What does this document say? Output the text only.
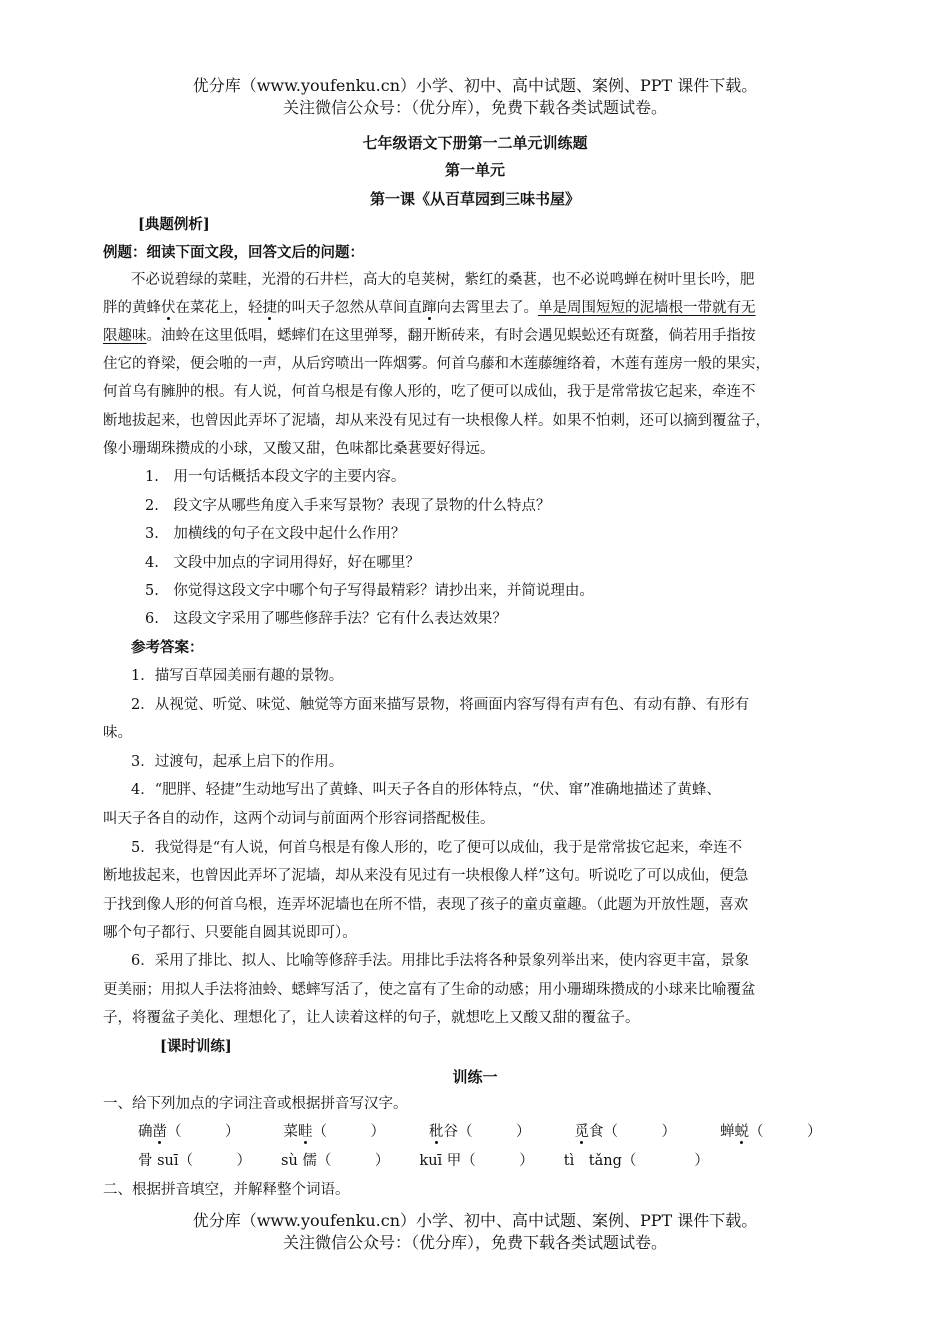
优分库（www.youfenku.cn）小学、初中、高中试题、案例、PPT 课件下载。
关注微信公众号：（优分库），免费下载各类试题试卷。
七年级语文下册第一二单元训练题
第一单元
第一课《从百草园到三味书屋》
[典题例析]
例题：细读下面文段，回答文后的问题：
不必说碧绿的菜畦，光滑的石井栏，高大的皂荚树，紫红的桑葚，也不必说鸣蝉在树叶里长吟，肥
胖的黄蜂伏在菜花上，轻捷的叫天子忽然从草间直蹿向去霄里去了。单是周围短短的泥墙根一带就有无
限趣味。油蛉在这里低唱，蟋蟀们在这里弹琴，翻开断砖来，有时会遇见蜈蚣还有斑蝥，倘若用手指按
住它的脊梁，便会啪的一声，从后窍喷出一阵烟雾。何首乌藤和木莲藤缠络着，木莲有莲房一般的果实，
何首乌有臃肿的根。有人说，何首乌根是有像人形的，吃了便可以成仙，我于是常常拔它起来，牵连不
断地拔起来，也曾因此弄坏了泥墙，却从来没有见过有一块根像人样。如果不怕刺，还可以摘到覆盆子，
像小珊瑚珠攒成的小球，又酸又甜，色味都比桑葚要好得远。
1.　用一句话概括本段文字的主要内容。
2.　段文字从哪些角度入手来写景物？表现了景物的什么特点？
3.　加横线的句子在文段中起什么作用？
4.　文段中加点的字词用得好，好在哪里？
5.　你觉得这段文字中哪个句子写得最精彩？请抄出来，并简说理由。
6.　这段文字采用了哪些修辞手法？它有什么表达效果？
参考答案：
1．描写百草园美丽有趣的景物。
2．从视觉、听觉、味觉、触觉等方面来描写景物，将画面内容写得有声有色、有动有静、有形有
味。
3．过渡句，起承上启下的作用。
4．“肥胖、轻捷”生动地写出了黄蜂、叫天子各自的形体特点，“伏、窜”准确地描述了黄蜂、
叫天子各自的动作，这两个动词与前面两个形容词搭配极佳。
5．我觉得是“有人说，何首乌根是有像人形的，吃了便可以成仙，我于是常常拔它起来，牵连不
断地拔起来，也曾因此弄坏了泥墙，却从来没有见过有一块根像人样”这句。听说吃了可以成仙，便急
于找到像人形的何首乌根，连弄坏泥墙也在所不惜，表现了孩子的童贞童趣。（此题为开放性题，喜欢
哪个句子都行、只要能自圆其说即可）。
6．采用了排比、拟人、比喻等修辞手法。用排比手法将各种景象列举出来，使内容更丰富，景象
更美丽；用拟人手法将油蛉、蟋蟀写活了，使之富有了生命的动感；用小珊瑚珠攒成的小球来比喻覆盆
子，将覆盆子美化、理想化了，让人读着这样的句子，就想吃上又酸又甜的覆盆子。
[课时训练]
训练一
一、给下列加点的字词注音或根据拼音写汉字。
确凿（　　　）	菜畦（　　　）	秕谷（　　　）	觅食（　　　）	蝉蜕（　　　）
骨 suī（　　　） sù 儒（　　　） kuī 甲（　　　） tì　tǎng（　　　　）
二、根据拼音填空，并解释整个词语。
优分库（www.youfenku.cn）小学、初中、高中试题、案例、PPT 课件下载。
关注微信公众号：（优分库），免费下载各类试题试卷。
